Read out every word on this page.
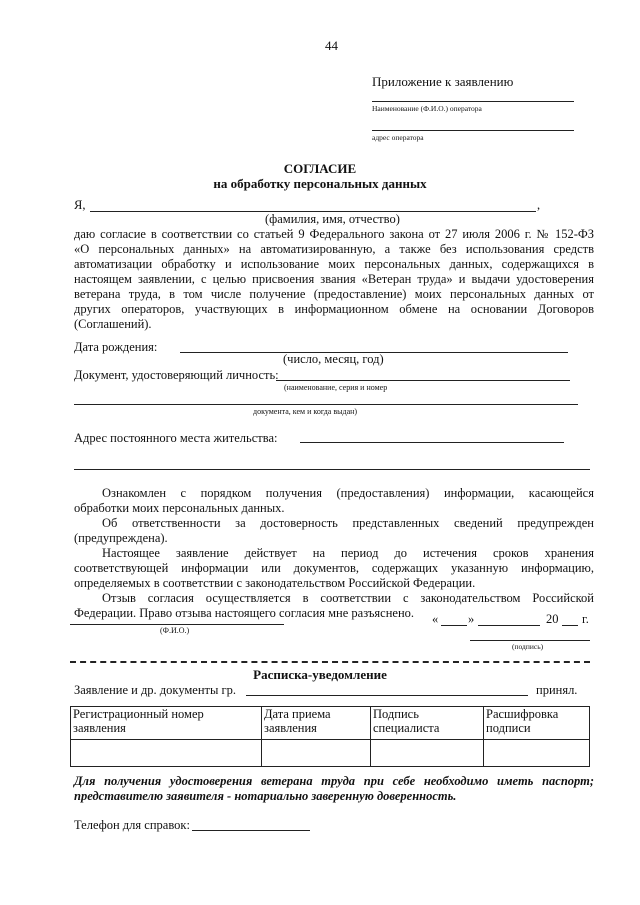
44
Приложение к заявлению
Наименование (Ф.И.О.) оператора
адрес оператора
СОГЛАСИЕ
на обработку персональных данных
Я,	,
(фамилия, имя, отчество)
даю согласие в соответствии со статьей 9 Федерального закона от 27 июля 2006 г. № 152-ФЗ
«О персональных данных» на автоматизированную, а также без использования средств
автоматизации обработку и использование моих персональных данных, содержащихся в
настоящем заявлении, с целью присвоения звания «Ветеран труда» и выдачи удостоверения
ветерана труда, в том числе получение (предоставление) моих персональных данных от
других операторов, участвующих в информационном обмене на основании Договоров
(Соглашений).
Дата рождения:
(число, месяц, год)
Документ, удостоверяющий личность:
(наименование, серия и номер
документа, кем и когда выдан)
Адрес постоянного места жительства:
Ознакомлен с порядком получения (предоставления) информации, касающейся
обработки моих персональных данных.
Об ответственности за достоверность представленных сведений предупрежден
(предупреждена).
Настоящее заявление действует на период до истечения сроков хранения
соответствующей информации или документов, содержащих указанную информацию,
определяемых в соответствии с законодательством Российской Федерации.
Отзыв согласия осуществляется в соответствии с законодательством Российской
Федерации. Право отзыва настоящего согласия мне разъяснено.
(Ф.И.О.)
« »	20 г.
(подпись)
Расписка-уведомление
Заявление и др. документы гр.	принял.
Регистрационный номер заявления	Дата приема заявления	Подпись специалиста	Расшифровка подписи

Для получения удостоверения ветерана труда при себе необходимо иметь паспорт;
представителю заявителя - нотариально заверенную доверенность.
Телефон для справок:
